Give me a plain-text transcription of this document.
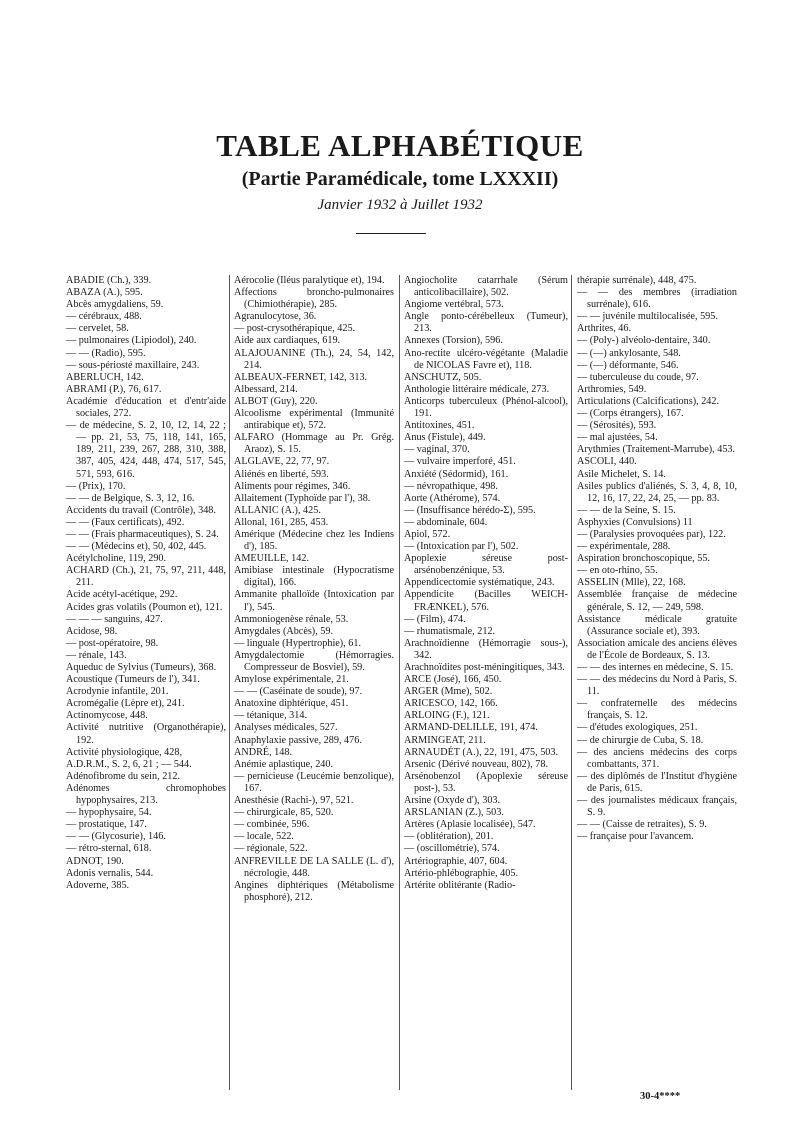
TABLE ALPHABÉTIQUE
(Partie Paramédicale, tome LXXXII)
Janvier 1932 à Juillet 1932
ABADIE (Ch.), 339.
ABAZA (A.), 595.
Abcès amygdaliens, 59.
— cérébraux, 488.
— cervelet, 58.
— pulmonaires (Lipiodol), 240.
— — (Radio), 595.
— sous-périosté maxillaire, 243.
ABERLUCH, 142.
ABRAMI (P.), 76, 617.
Académie d'éducation et d'entr'aide sociales, 272.
— de médecine, S. 2, 10, 12, 14, 22 ; — pp. 21, 53, 75, 118, 141, 165, 189, 211, 239, 267, 288, 310, 388, 387, 405, 424, 448, 474, 517, 545, 571, 593, 616.
— (Prix), 170.
— — de Belgique, S. 3, 12, 16.
Accidents du travail (Contrôle), 348.
— — (Faux certificats), 492.
— — (Frais pharmaceutiques), S. 24.
— — (Médecins et), 50, 402, 445.
Acétylcholine, 119, 290.
ACHARD (Ch.), 21, 75, 97, 211, 448, 211.
Acide acétyl-acétique, 292.
Acides gras volatils (Poumon et), 121.
— — — sanguins, 427.
Acidose, 98.
— post-opératoire, 98.
— rénale, 143.
Aqueduc de Sylvius (Tumeurs), 368.
Acoustique (Tumeurs de l'), 341.
Acrodynie infantile, 201.
Acromégalie (Lèpre et), 241.
Actinomycose, 448.
Activité nutritive (Organothérapie), 192.
Activité physiologique, 428,
A.D.R.M., S. 2, 6, 21 ; — 544.
Adénofibrome du sein, 212.
Adénomes chromophobes hypophysaires, 213.
— hypophysaire, 54.
— prostatique, 147.
— — (Glycosurie), 146.
— rétro-sternal, 618.
ADNOT, 190.
Adonis vernalis, 544.
Adoverne, 385.
Aérocolie (Iléus paralytique et), 194.
Affections broncho-pulmonaires (Chimiothérapie), 285.
Agranulocytose, 36.
— post-crysothérapique, 425.
Aide aux cardiaques, 619.
ALAJOUANINE (Th.), 24, 54, 142, 214.
ALBEAUX-FERNET, 142, 313.
Albessard, 214.
ALBOT (Guy), 220.
Alcoolisme expérimental (Immunité antirabique et), 572.
ALFARO (Hommage au Pr. Grég. Araoz), S. 15.
ALGLAVE, 22, 77, 97.
Aliénés en liberté, 593.
Aliments pour régimes, 346.
Allaitement (Typhoïde par l'), 38.
ALLANIC (A.), 425.
Allonal, 161, 285, 453.
Amérique (Médecine chez les Indiens d'), 185.
AMEUILLE, 142.
Amibiase intestinale (Hypocratisme digital), 166.
Ammanite phalloïde (Intoxication par l'), 545.
Ammoniogenèse rénale, 53.
Amygdales (Abcès), 59.
— linguale (Hypertrophie), 61.
Amygdalectomie (Hémorragies. Compresseur de Bosviel), 59.
Amylose expérimentale, 21.
— — (Caséinate de soude), 97.
Anatoxine diphtérique, 451.
— tétanique, 314.
Analyses médicales, 527.
Anaphylaxie passive, 289, 476.
ANDRÉ, 148.
Anémie aplastique, 240.
— pernicieuse (Leucémie benzolique), 167.
Anesthésie (Rachi-), 97, 521.
— chirurgicale, 85, 520.
— combinée, 596.
— locale, 522.
— régionale, 522.
ANFREVILLE DE LA SALLE (L. d'), nécrologie, 448.
Angines diphtériques (Métabolisme phosphoré), 212.
Angiocholite catarrhale (Sérum anticolibacillaire), 502.
Angiome vertébral, 573.
Angle ponto-cérébelleux (Tumeur), 213.
Annexes (Torsion), 596.
Ano-rectite ulcéro-végétante (Maladie de NICOLAS Favre et), 118.
ANSCHUTZ, 505.
Anthologie littéraire médicale, 273.
Anticorps tuberculeux (Phénol-alcool), 191.
Antitoxines, 451.
Anus (Fistule), 449.
— vaginal, 370.
— vulvaire imperforé, 451.
Anxiété (Sédormid), 161.
— névropathique, 498.
Aorte (Athérome), 574.
— (Insuffisance hérédo-Σ), 595.
— abdominale, 604.
Apiol, 572.
— (Intoxication par l'), 502.
Apoplexie séreuse post-arsénobenzénique, 53.
Appendicectomie systématique, 243.
Appendicite (Bacilles WEICH-FRÆNKEL), 576.
— (Film), 474.
— rhumatismale, 212.
Arachnoïdienne (Hémorragie sous-), 342.
Arachnoïdites post-méningitiques, 343.
ARCE (José), 166, 450.
ARGER (Mme), 502.
ARICESCO, 142, 166.
ARLOING (F.), 121.
ARMAND-DELILLE, 191, 474.
ARMINGEAT, 211.
ARNAUDÉT (A.), 22, 191, 475, 503.
Arsenic (Dérivé nouveau, 802), 78.
Arsénobenzol (Apoplexie séreuse post-), 53.
Arsine (Oxyde d'), 303.
ARSLANIAN (Z.), 503.
Artères (Aplasie localisée), 547.
— (oblitération), 201.
— (oscillométrie), 574.
Artériographie, 407, 604.
Artério-phlébographie, 405.
Artérite oblitérante (Radio-
thérapie surrénale), 448, 475.
— — des membres (irradiation surrénale), 616.
— — juvénile multilocalisée, 595.
Arthrites, 46.
— (Poly-) alvéolo-dentaire, 340.
— (—) ankylosante, 548.
— (—) déformante, 546.
— tuberculeuse du coude, 97.
Arthromies, 549.
Articulations (Calcifications), 242.
— (Corps étrangers), 167.
— (Sérosités), 593.
— mal ajustées, 54.
Arythmies (Traitement-Marrube), 453.
ASCOLI, 440.
Asile Michelet, S. 14.
Asiles publics d'aliénés, S. 3, 4, 8, 10, 12, 16, 17, 22, 24, 25, — pp. 83.
— — de la Seine, S. 15.
Asphyxies (Convulsions) 11
— (Paralysies provoquées par), 122.
— expérimentale, 288.
Aspiration bronchoscopique, 55.
— en oto-rhino, 55.
ASSELIN (Mlle), 22, 168.
Assemblée française de médecine générale, S. 12, — 249, 598.
Assistance médicale gratuite (Assurance sociale et), 393.
Association amicale des anciens élèves de l'École de Bordeaux, S. 13.
— — des internes en médecine, S. 15.
— — des médecins du Nord à Paris, S. 11.
— confraternelle des médecins français, S. 12.
— d'études exologiques, 251.
— de chirurgie de Cuba, S. 18.
— des anciens médecins des corps combattants, 371.
— des diplômés de l'Institut d'hygiène de Paris, 615.
— des journalistes médicaux français, S. 9.
— — (Caisse de retraites), S. 9.
— française pour l'avancem.
30-4****
